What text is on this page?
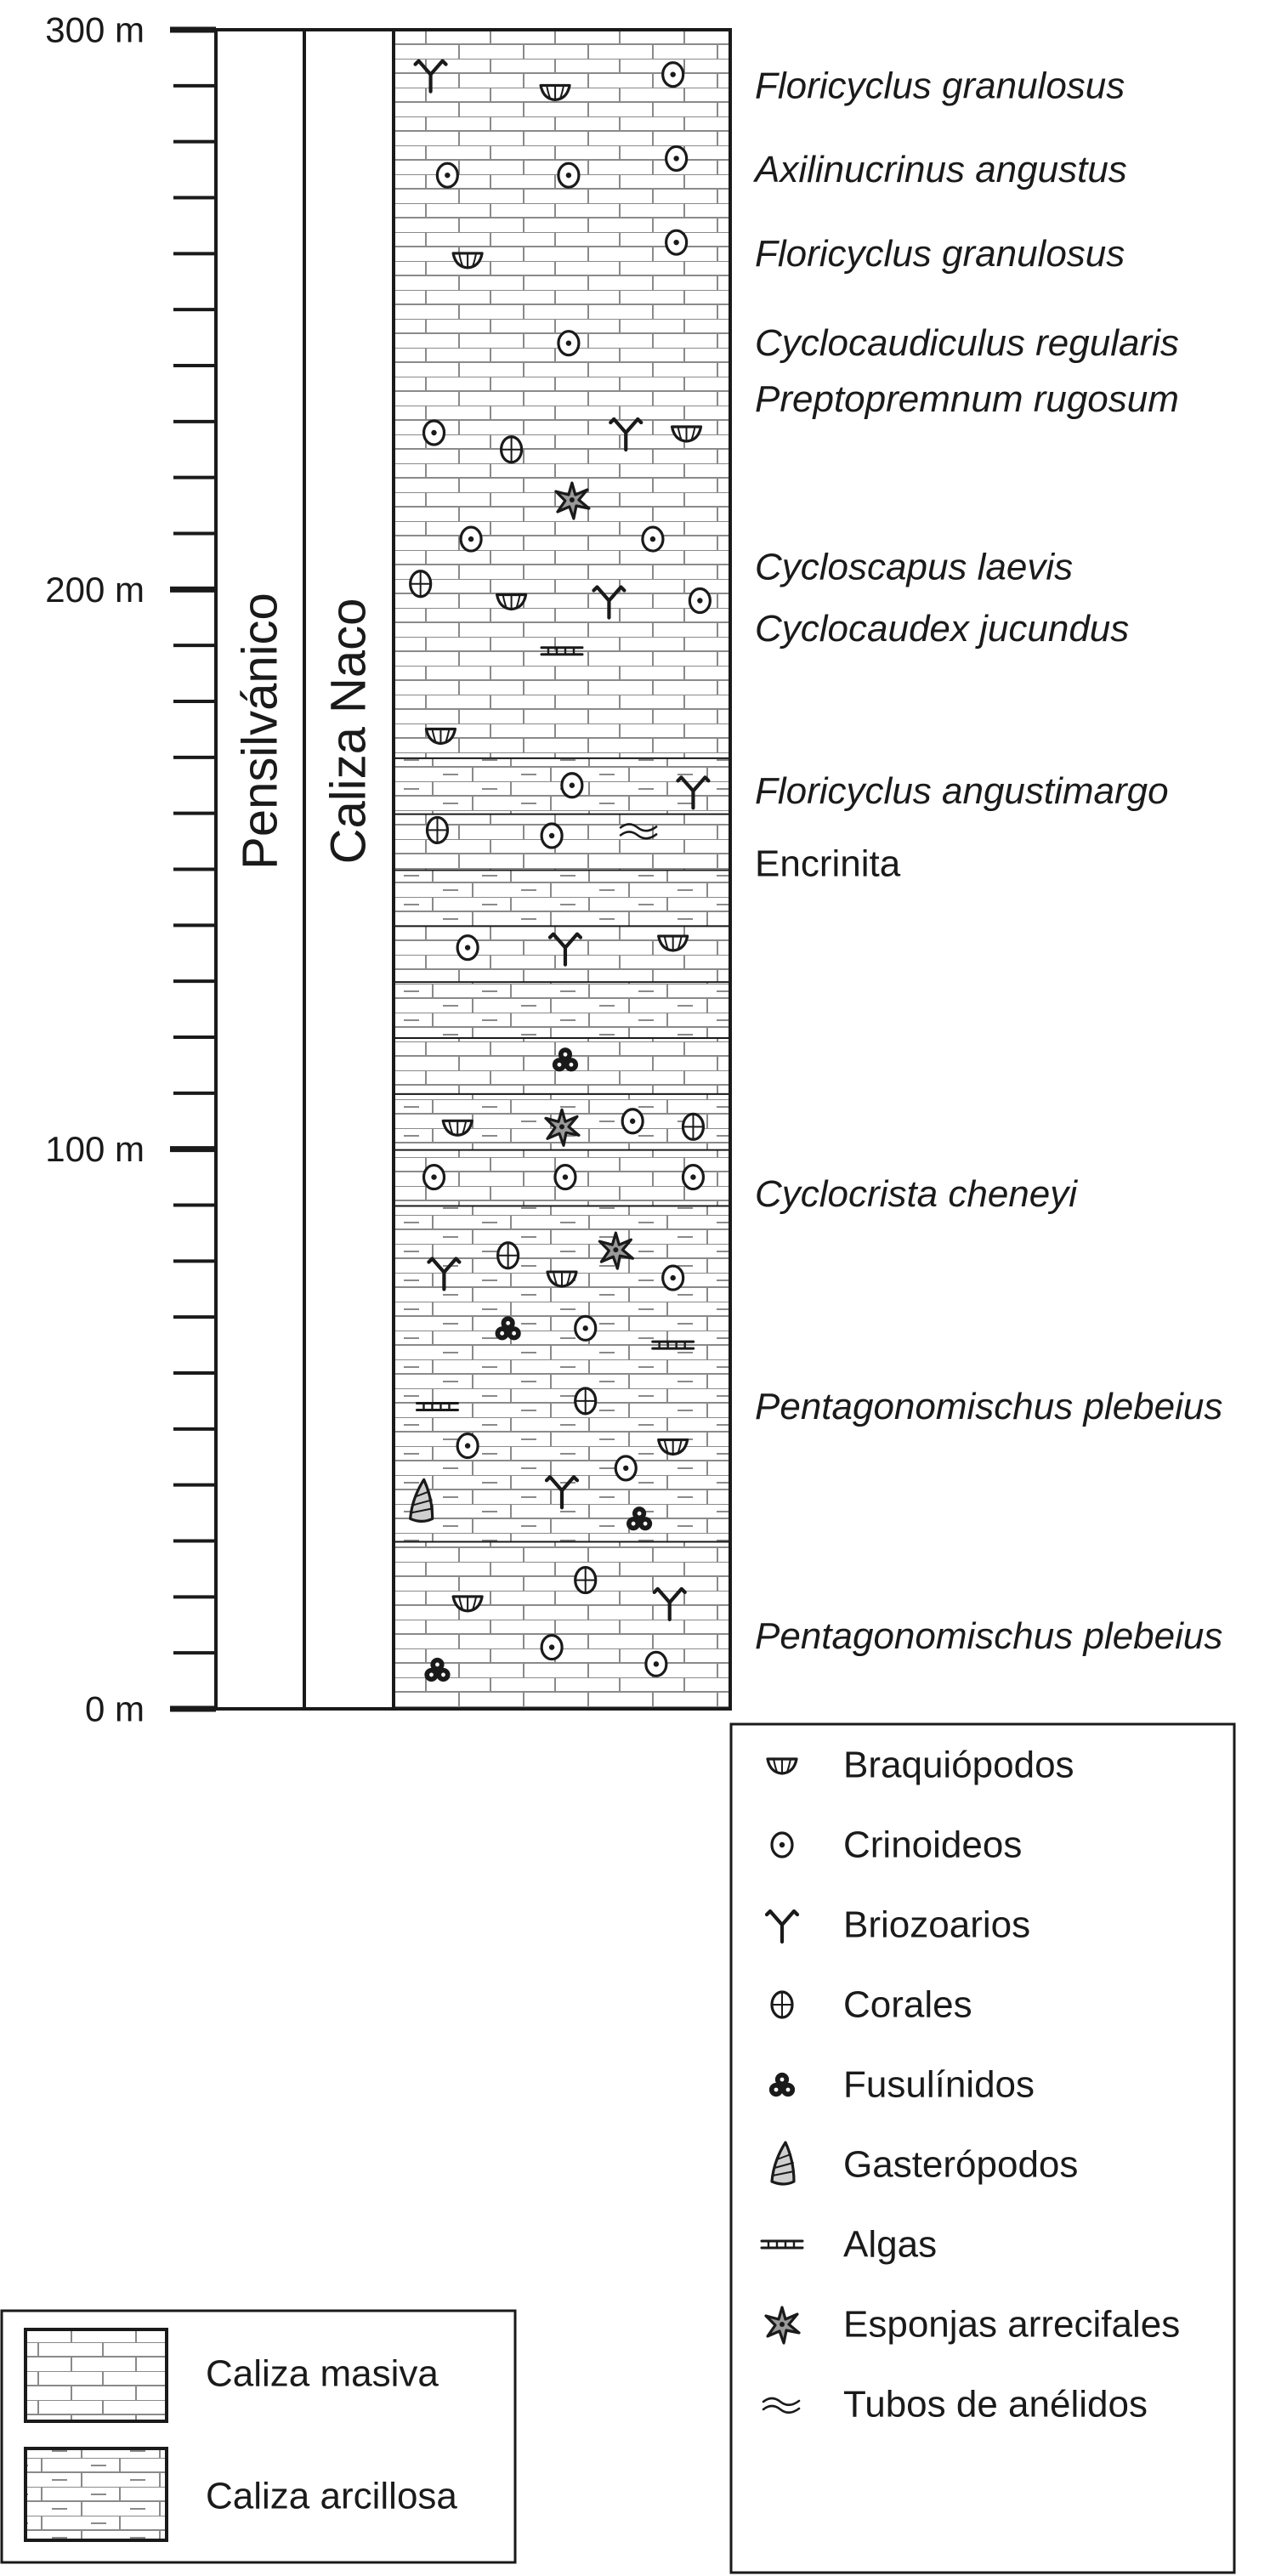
0 m
100 m
200 m
300 m
Pensilvánico Caliza Naco
Floricyclus granulosus
Axilinucrinus angustus
Floricyclus granulosus
Cyclocaudiculus regularis
Preptopremnum rugosum
Cycloscapus laevis
Cyclocaudex jucundus
Floricyclus angustimargo
Encrinita
Cyclocrista cheneyi
Pentagonomischus plebeius
Pentagonomischus plebeius
Caliza masiva
Caliza arcillosa
Braquiópodos
Crinoideos
Briozoarios
Corales
Fusulínidos
Gasterópodos
Algas
Esponjas arrecifales
Tubos de anélidos
